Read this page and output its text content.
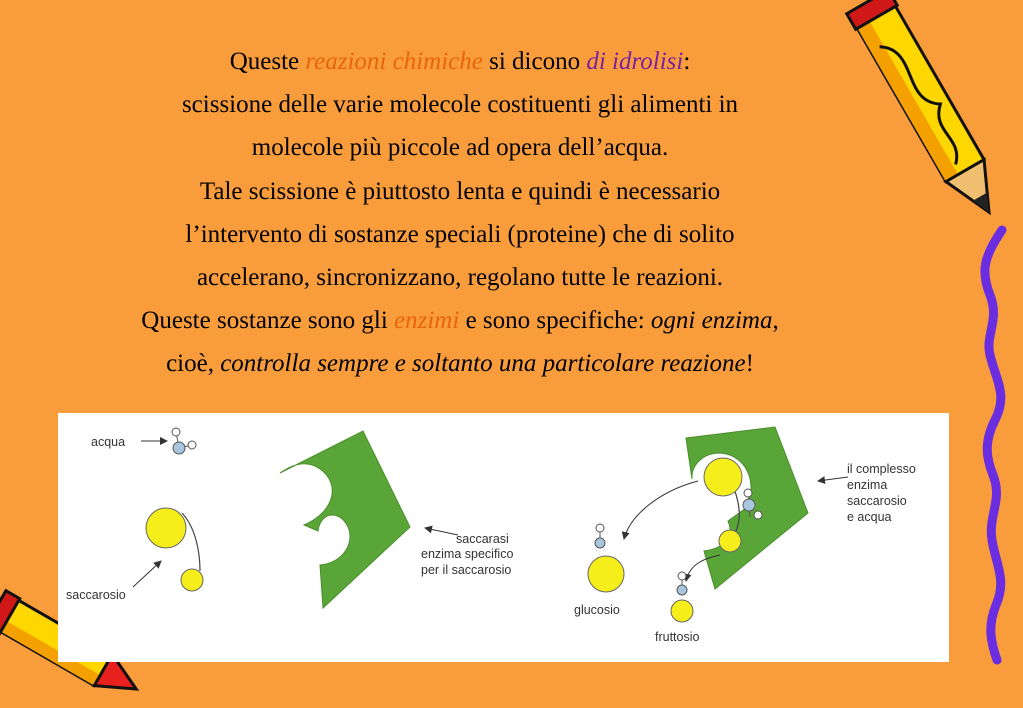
Queste reazioni chimiche si dicono di idrolisi:
scissione delle varie molecole costituenti gli alimenti in
molecole più piccole ad opera dell’acqua.
Tale scissione è piuttosto lenta e quindi è necessario
l’intervento di sostanze speciali (proteine) che di solito
accelerano, sincronizzano, regolano tutte le reazioni.
Queste sostanze sono gli enzimi e sono specifiche: ogni enzima,
cioè, controlla sempre e soltanto una particolare reazione!
acqua
saccarosio
saccarasi
enzima specifico
per il saccarosio
il complesso
enzima
saccarosio
e acqua
glucosio
fruttosio
